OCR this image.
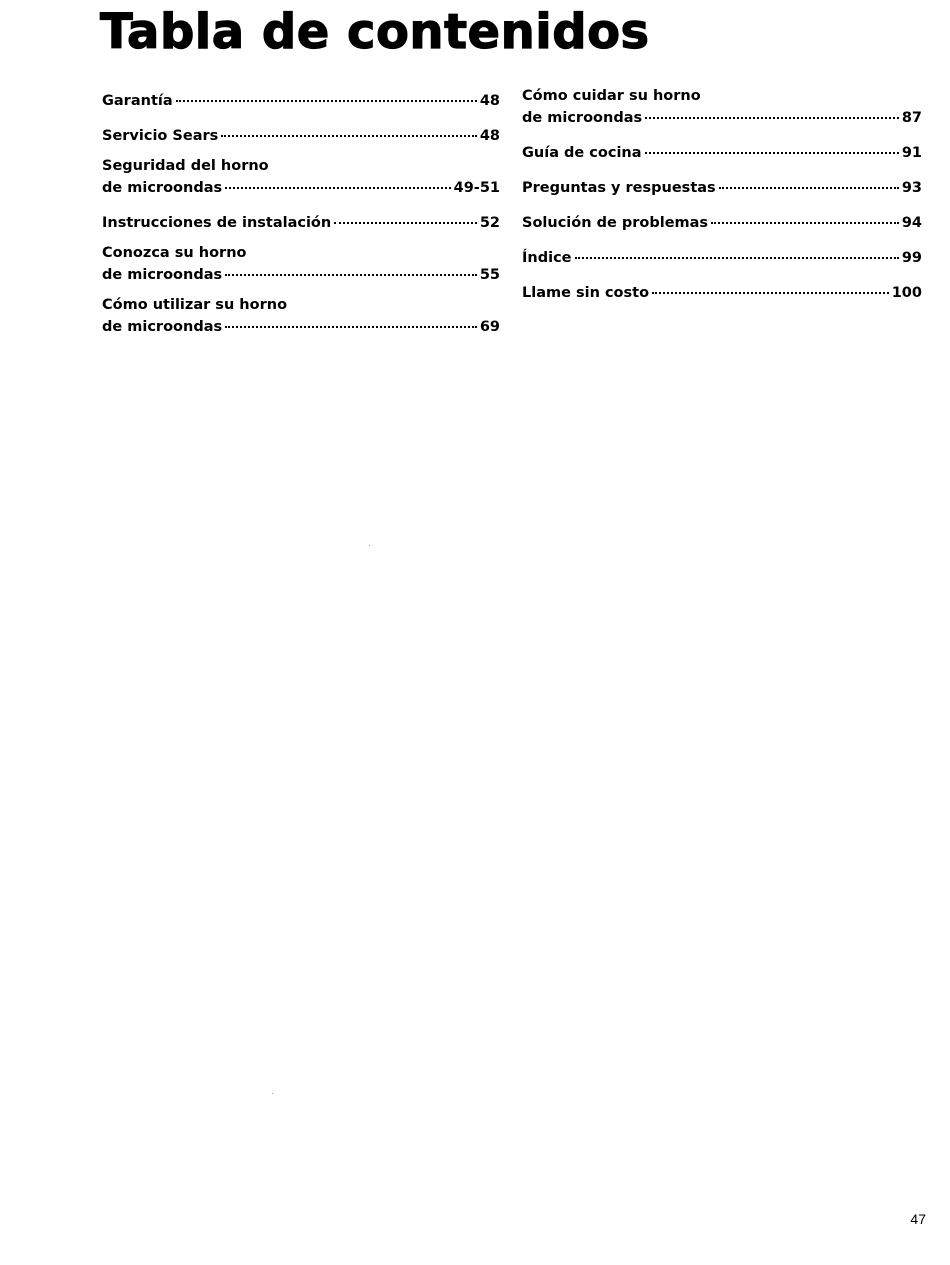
Tabla de contenidos
Garantía	48
Servicio Sears	48
Seguridad del horno
de microondas	49-51
Instrucciones de instalación	52
Conozca su horno
de microondas	55
Cómo utilizar su horno
de microondas	69
Cómo cuidar su horno
de microondas	87
Guía de cocina	91
Preguntas y respuestas	93
Solución de problemas	94
Índice	99
Llame sin costo	100
47
